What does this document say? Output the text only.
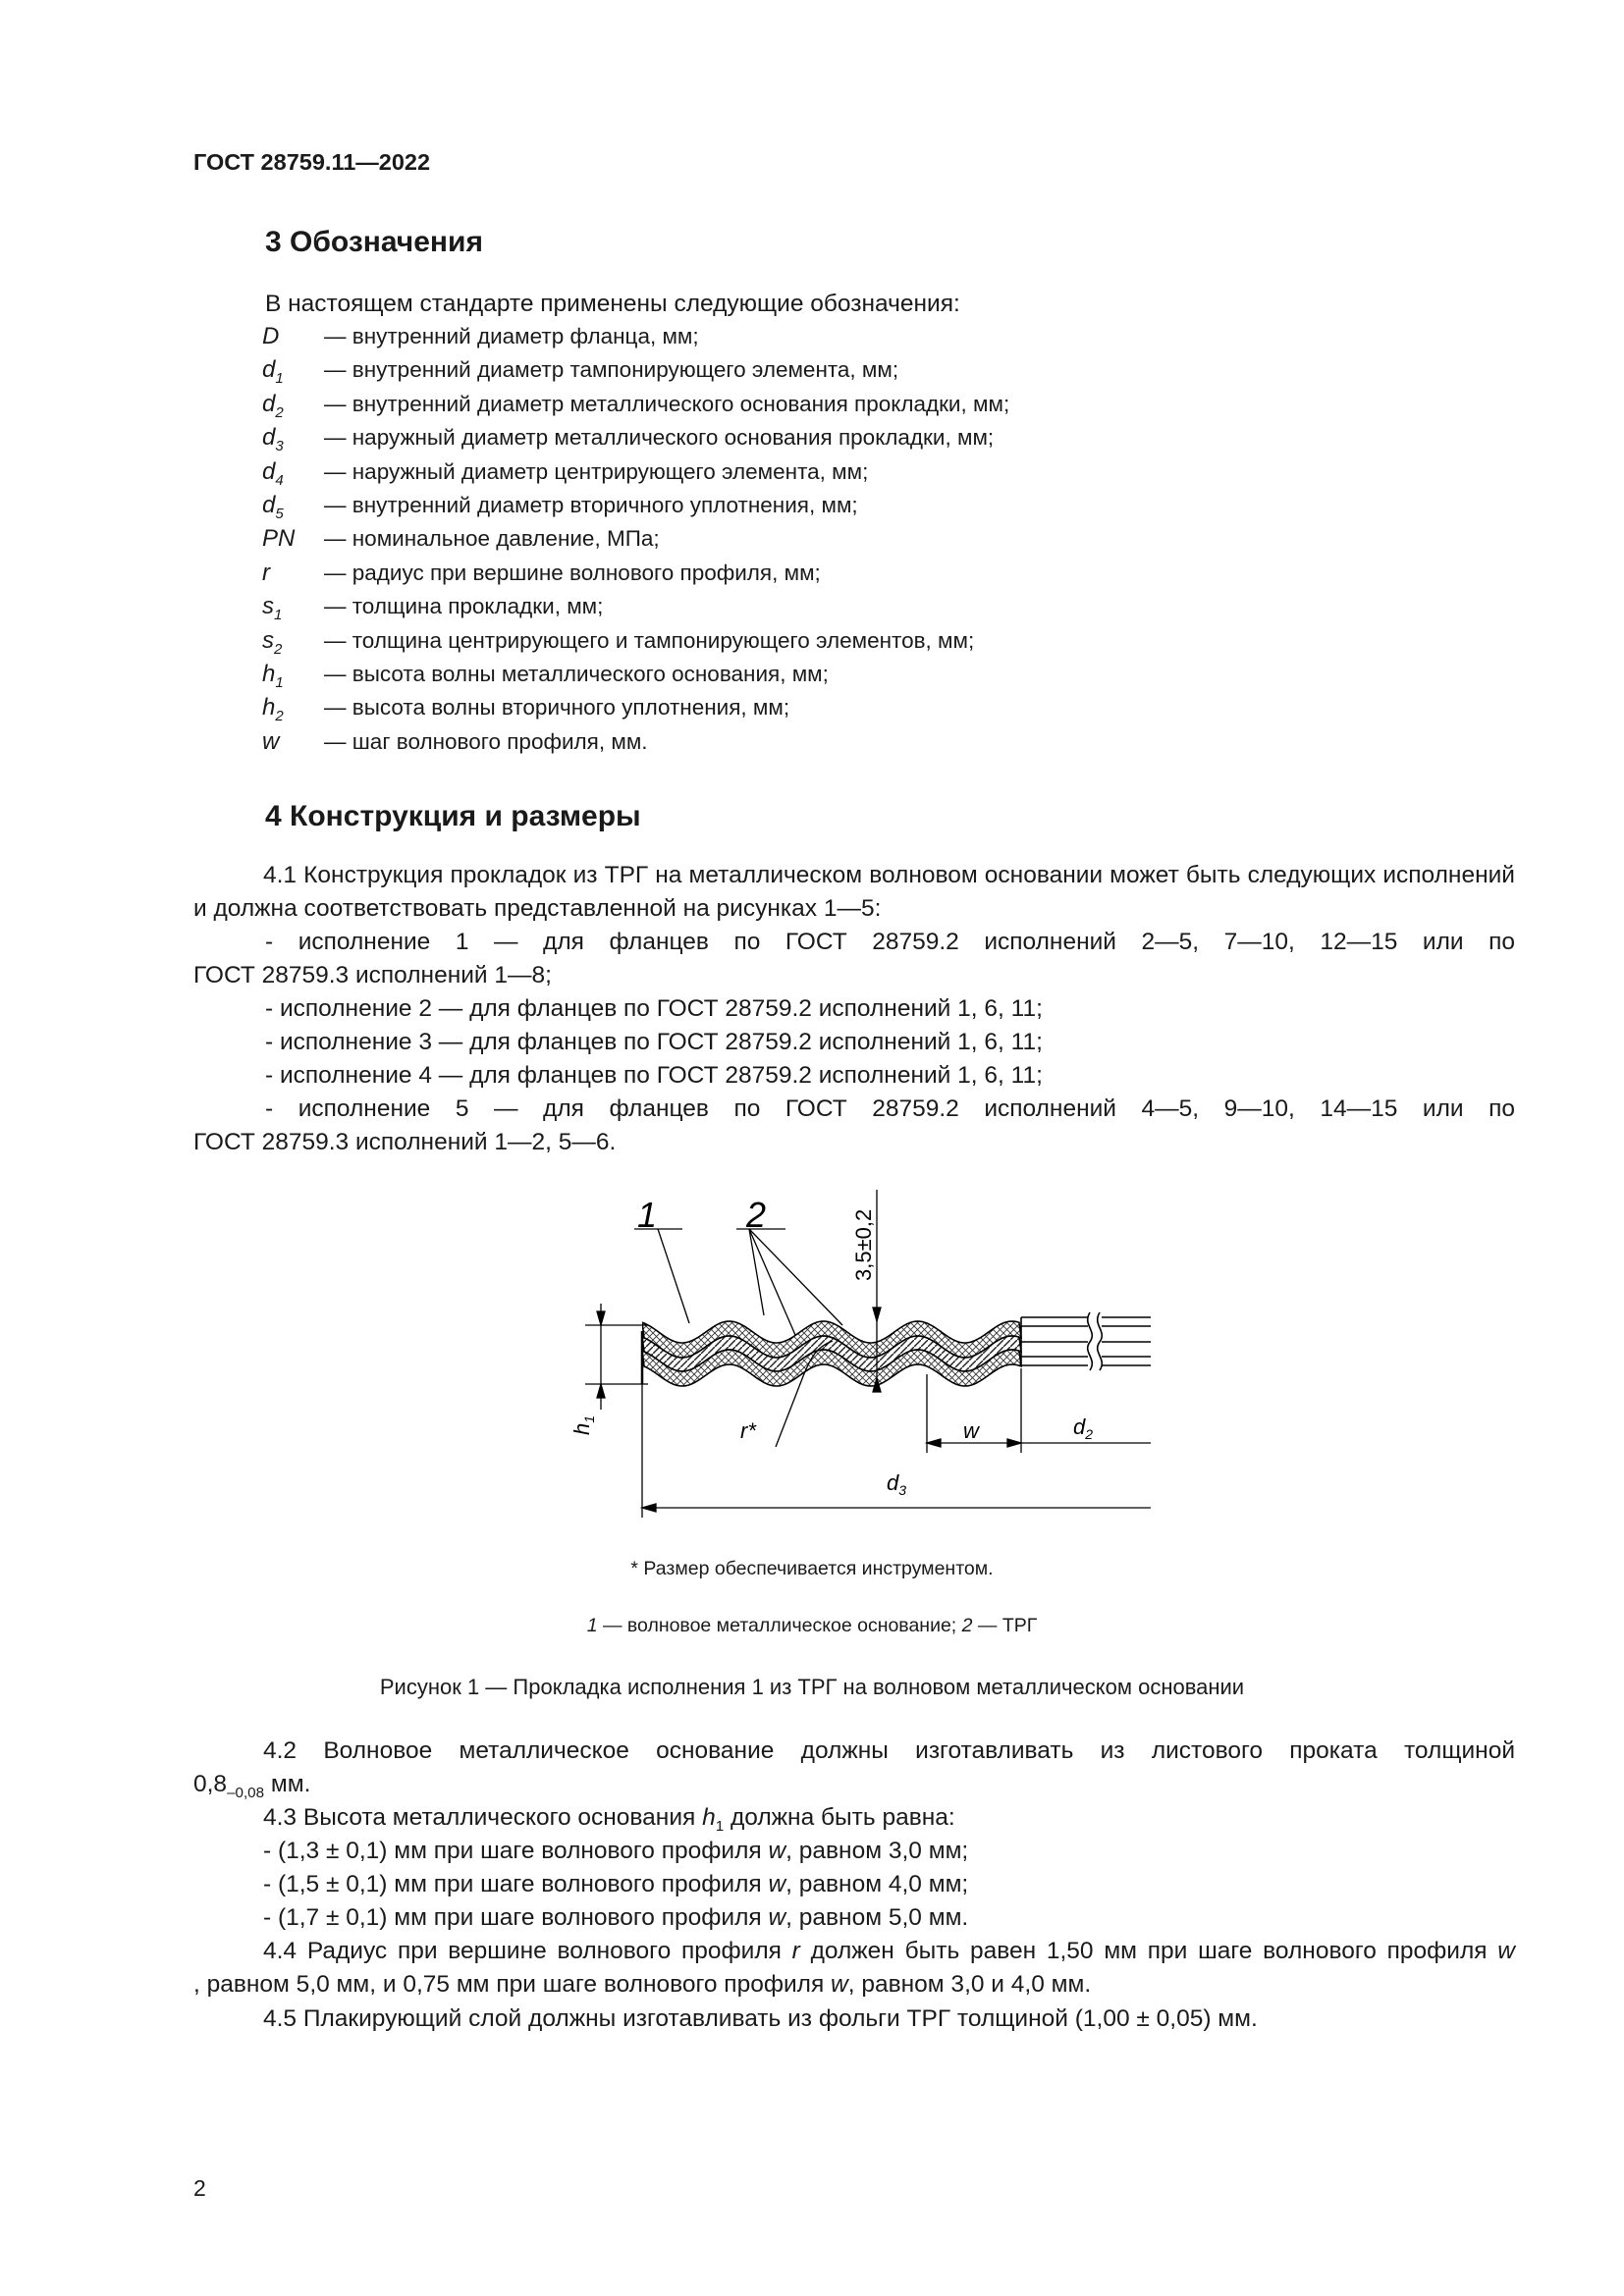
ГОСТ 28759.11—2022
3 Обозначения
В настоящем стандарте применены следующие обозначения:
D — внутренний диаметр фланца, мм;
$d_1$ — внутренний диаметр тампонирующего элемента, мм;
$d_2$ — внутренний диаметр металлического основания прокладки, мм;
$d_3$ — наружный диаметр металлического основания прокладки, мм;
$d_4$ — наружный диаметр центрирующего элемента, мм;
$d_5$ — внутренний диаметр вторичного уплотнения, мм;
PN — номинальное давление, МПа;
r — радиус при вершине волнового профиля, мм;
$s_1$ — толщина прокладки, мм;
$s_2$ — толщина центрирующего и тампонирующего элементов, мм;
$h_1$ — высота волны металлического основания, мм;
$h_2$ — высота волны вторичного уплотнения, мм;
w — шаг волнового профиля, мм.
4 Конструкция и размеры
4.1 Конструкция прокладок из ТРГ на металлическом волновом основании может быть следующих исполнений и должна соответствовать представленной на рисунках 1—5:
- исполнение 1 — для фланцев по ГОСТ 28759.2 исполнений 2—5, 7—10, 12—15 или по
ГОСТ 28759.3 исполнений 1—8;
- исполнение 2 — для фланцев по ГОСТ 28759.2 исполнений 1, 6, 11;
- исполнение 3 — для фланцев по ГОСТ 28759.2 исполнений 1, 6, 11;
- исполнение 4 — для фланцев по ГОСТ 28759.2 исполнений 1, 6, 11;
- исполнение 5 — для фланцев по ГОСТ 28759.2 исполнений 4—5, 9—10, 14—15 или по
ГОСТ 28759.3 исполнений 1—2, 5—6.
1	2	3,5±0,2
$h_1$	r*	w	$d_2$
$d_3$
* Размер обеспечивается инструментом.
1 — волновое металлическое основание; 2 — ТРГ
Рисунок 1 — Прокладка исполнения 1 из ТРГ на волновом металлическом основании
4.2 Волновое металлическое основание должны изготавливать из листового проката толщиной
$0,8_{-0,08}$ мм.
4.3 Высота металлического основания $h_1$ должна быть равна:
- (1,3 ± 0,1) мм при шаге волнового профиля w, равном 3,0 мм;
- (1,5 ± 0,1) мм при шаге волнового профиля w, равном 4,0 мм;
- (1,7 ± 0,1) мм при шаге волнового профиля w, равном 5,0 мм.
4.4 Радиус при вершине волнового профиля r должен быть равен 1,50 мм при шаге волнового профиля w
, равном 5,0 мм, и 0,75 мм при шаге волнового профиля w, равном 3,0 и 4,0 мм.
4.5 Плакирующий слой должны изготавливать из фольги ТРГ толщиной (1,00 ± 0,05) мм.
2
